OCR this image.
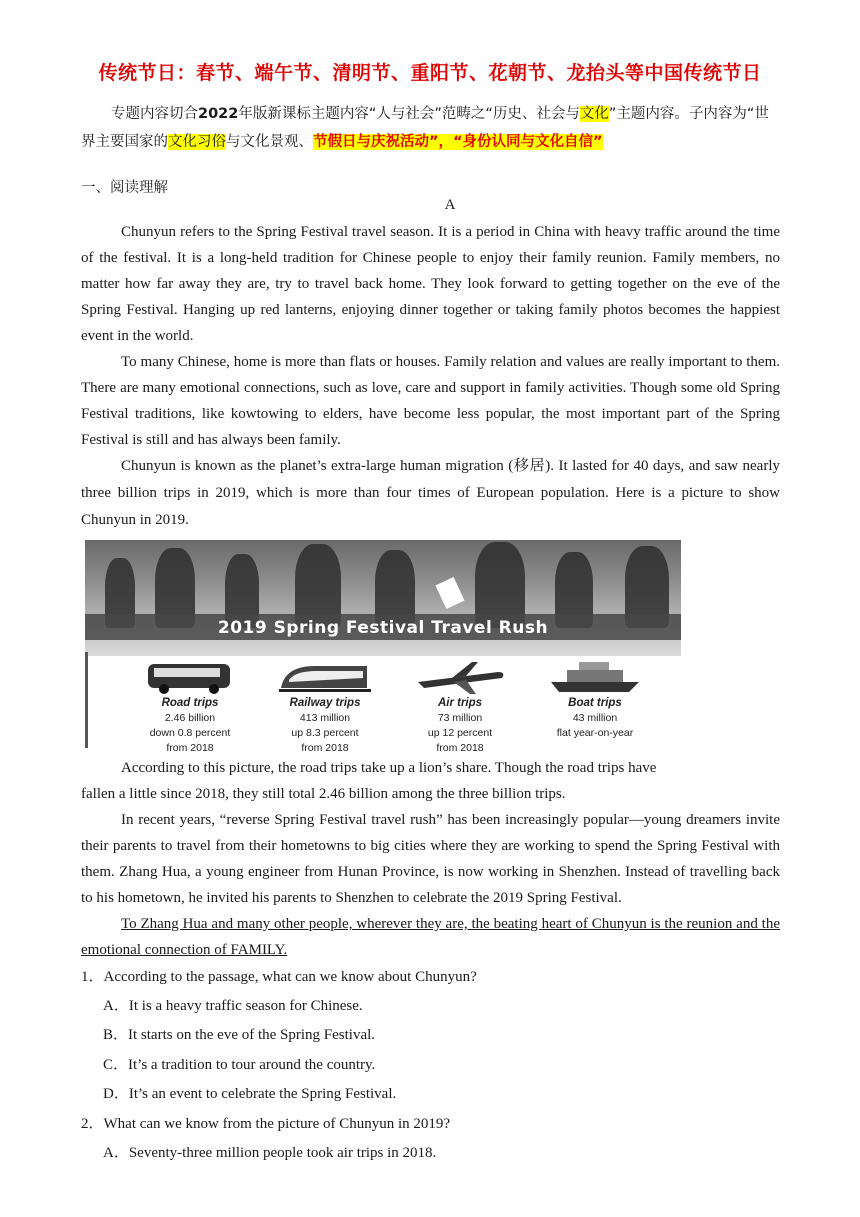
传统节日：春节、端午节、清明节、重阳节、花朝节、龙抬头等中国传统节日

专题内容切合2022年版新课标主题内容“人与社会”范畴之“历史、社会与文化”主题内容。子内容为“世界主要国家的文化习俗与文化景观、节假日与庆祝活动”，“身份认同与文化自信”

一、阅读理解
A

Chunyun refers to the Spring Festival travel season. It is a period in China with heavy traffic around the time of the festival. It is a long-held tradition for Chinese people to enjoy their family reunion. Family members, no matter how far away they are, try to travel back home. They look forward to getting together on the eve of the Spring Festival. Hanging up red lanterns, enjoying dinner together or taking family photos becomes the happiest event in the world.

To many Chinese, home is more than flats or houses. Family relation and values are really important to them. There are many emotional connections, such as love, care and support in family activities. Though some old Spring Festival traditions, like kowtowing to elders, have become less popular, the most important part of the Spring Festival is still and has always been family.

Chunyun is known as the planet’s extra-large human migration (移居). It lasted for 40 days, and saw nearly three billion trips in 2019, which is more than four times of European population. Here is a picture to show Chunyun in 2019.

2019 Spring Festival Travel Rush
Road trips
2.46 billion
down 0.8 percent
from 2018
Railway trips
413 million
up 8.3 percent
from 2018
Air trips
73 million
up 12 percent
from 2018
Boat trips
43 million
flat year-on-year

According to this picture, the road trips take up a lion’s share. Though the road trips have

fallen a little since 2018, they still total 2.46 billion among the three billion trips.

In recent years, “reverse Spring Festival travel rush” has been increasingly popular—young dreamers invite their parents to travel from their hometowns to big cities where they are working to spend the Spring Festival with them. Zhang Hua, a young engineer from Hunan Province, is now working in Shenzhen. Instead of travelling back to his hometown, he invited his parents to Shenzhen to celebrate the 2019 Spring Festival.

To Zhang Hua and many other people, wherever they are, the beating heart of Chunyun is the reunion and the emotional connection of FAMILY.

1．According to the passage, what can we know about Chunyun?
A．It is a heavy traffic season for Chinese.
B．It starts on the eve of the Spring Festival.
C．It’s a tradition to tour around the country.
D．It’s an event to celebrate the Spring Festival.
2．What can we know from the picture of Chunyun in 2019?
A．Seventy-three million people took air trips in 2018.
